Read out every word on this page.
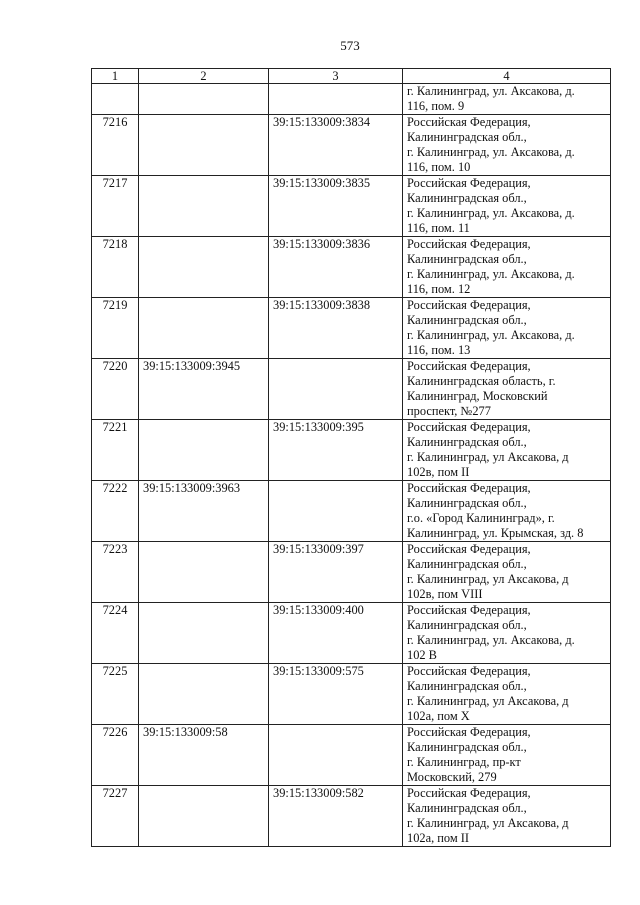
573
1	2	3	4

			г. Калининград, ул. Аксакова, д.
116, пом. 9

7216		39:15:133009:3834	Российская Федерация,
Калининградская обл.,
г. Калининград, ул. Аксакова, д.
116, пом. 10

7217		39:15:133009:3835	Российская Федерация,
Калининградская обл.,
г. Калининград, ул. Аксакова, д.
116, пом. 11

7218		39:15:133009:3836	Российская Федерация,
Калининградская обл.,
г. Калининград, ул. Аксакова, д.
116, пом. 12

7219		39:15:133009:3838	Российская Федерация,
Калининградская обл.,
г. Калининград, ул. Аксакова, д.
116, пом. 13

7220	39:15:133009:3945		Российская Федерация,
Калининградская область, г.
Калининград, Московский
проспект, №277

7221		39:15:133009:395	Российская Федерация,
Калининградская обл.,
г. Калининград, ул Аксакова, д
102в, пом II

7222	39:15:133009:3963		Российская Федерация,
Калининградская обл.,
г.о. «Город Калининград», г.
Калининград, ул. Крымская, зд. 8

7223		39:15:133009:397	Российская Федерация,
Калининградская обл.,
г. Калининград, ул Аксакова, д
102в, пом VIII

7224		39:15:133009:400	Российская Федерация,
Калининградская обл.,
г. Калининград, ул. Аксакова, д.
102 В

7225		39:15:133009:575	Российская Федерация,
Калининградская обл.,
г. Калининград, ул Аксакова, д
102а, пом X

7226	39:15:133009:58		Российская Федерация,
Калининградская обл.,
г. Калининград, пр-кт
Московский, 279

7227		39:15:133009:582	Российская Федерация,
Калининградская обл.,
г. Калининград, ул Аксакова, д
102а, пом II
